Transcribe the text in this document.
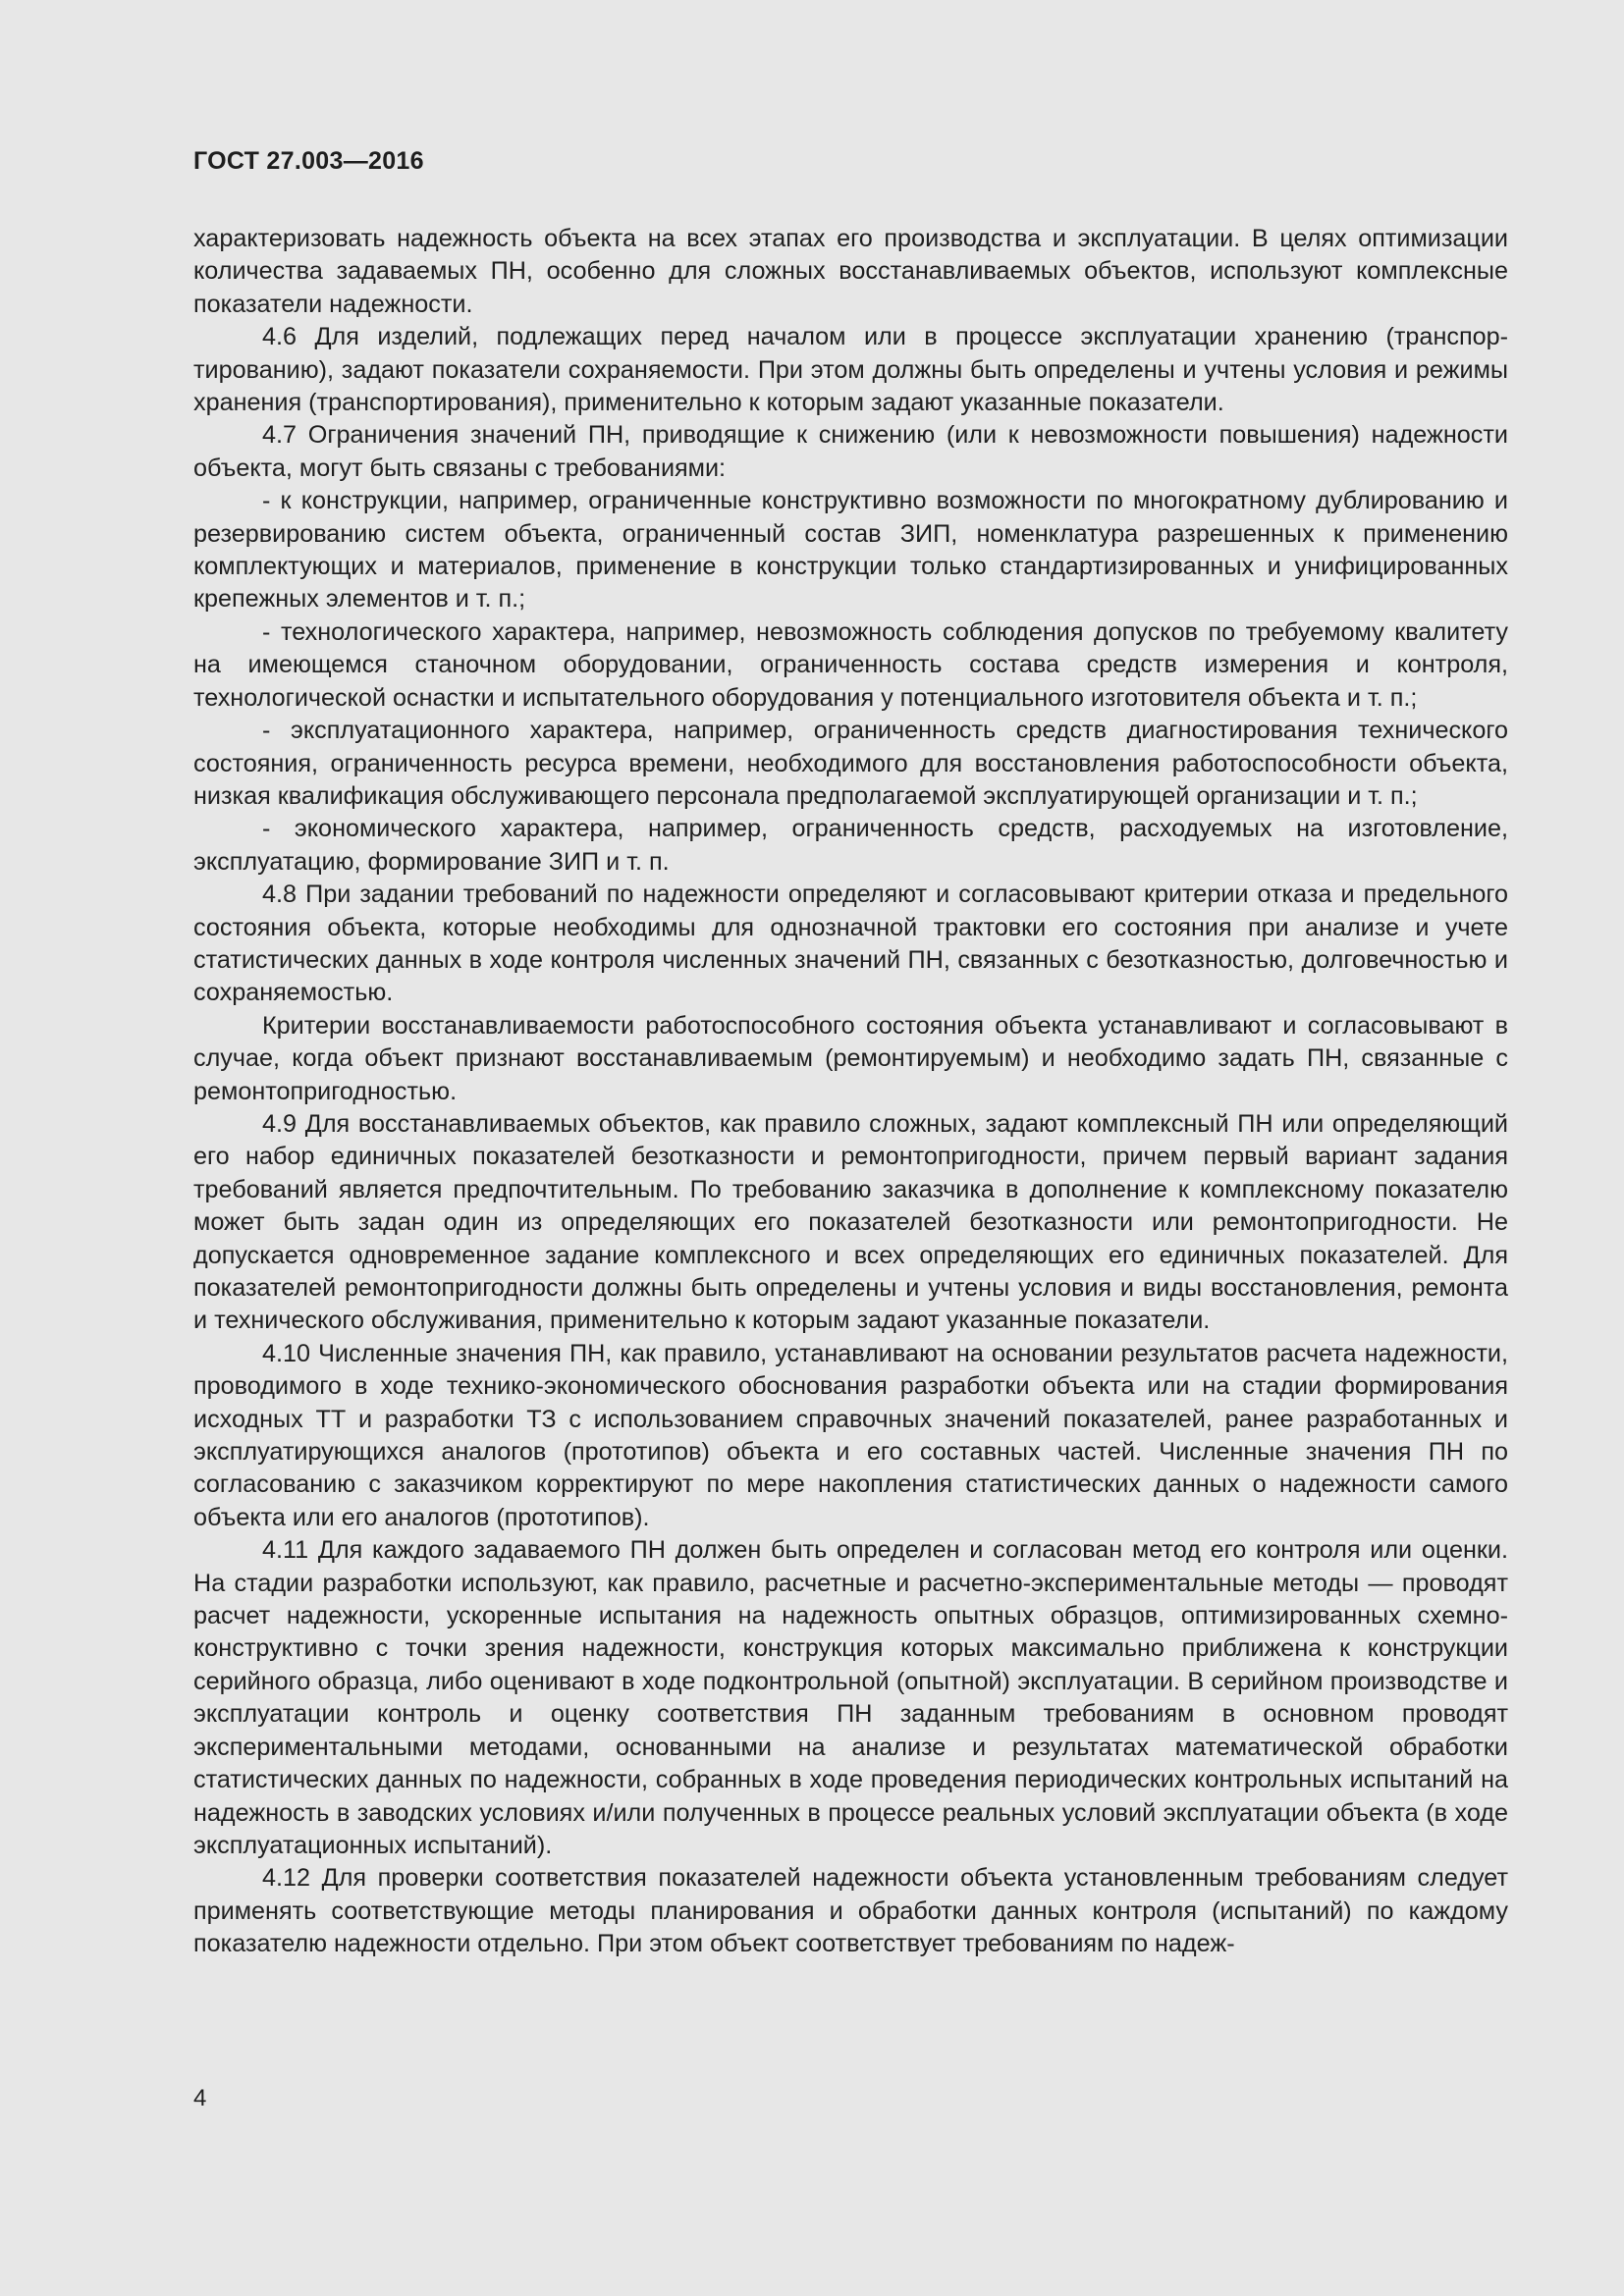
ГОСТ 27.003—2016

характеризовать надежность объекта на всех этапах его производства и эксплуатации. В целях оптимизации количества задаваемых ПН, особенно для сложных восстанавливаемых объектов, используют комплексные показатели надежности.

4.6 Для изделий, подлежащих перед началом или в процессе эксплуатации хранению (транспортированию), задают показатели сохраняемости. При этом должны быть определены и учтены условия и режимы хранения (транспортирования), применительно к которым задают указанные показатели.

4.7 Ограничения значений ПН, приводящие к снижению (или к невозможности повышения) надежности объекта, могут быть связаны с требованиями:

- к конструкции, например, ограниченные конструктивно возможности по многократному дублированию и резервированию систем объекта, ограниченный состав ЗИП, номенклатура разрешенных к применению комплектующих и материалов, применение в конструкции только стандартизированных и унифицированных крепежных элементов и т. п.;

- технологического характера, например, невозможность соблюдения допусков по требуемому квалитету на имеющемся станочном оборудовании, ограниченность состава средств измерения и контроля, технологической оснастки и испытательного оборудования у потенциального изготовителя объекта и т. п.;

- эксплуатационного характера, например, ограниченность средств диагностирования технического состояния, ограниченность ресурса времени, необходимого для восстановления работоспособности объекта, низкая квалификация обслуживающего персонала предполагаемой эксплуатирующей организации и т. п.;

- экономического характера, например, ограниченность средств, расходуемых на изготовление, эксплуатацию, формирование ЗИП и т. п.

4.8 При задании требований по надежности определяют и согласовывают критерии отказа и предельного состояния объекта, которые необходимы для однозначной трактовки его состояния при анализе и учете статистических данных в ходе контроля численных значений ПН, связанных с безотказностью, долговечностью и сохраняемостью.

Критерии восстанавливаемости работоспособного состояния объекта устанавливают и согласовывают в случае, когда объект признают восстанавливаемым (ремонтируемым) и необходимо задать ПН, связанные с ремонтопригодностью.

4.9 Для восстанавливаемых объектов, как правило сложных, задают комплексный ПН или определяющий его набор единичных показателей безотказности и ремонтопригодности, причем первый вариант задания требований является предпочтительным. По требованию заказчика в дополнение к комплексному показателю может быть задан один из определяющих его показателей безотказности или ремонтопригодности. Не допускается одновременное задание комплексного и всех определяющих его единичных показателей. Для показателей ремонтопригодности должны быть определены и учтены условия и виды восстановления, ремонта и технического обслуживания, применительно к которым задают указанные показатели.

4.10 Численные значения ПН, как правило, устанавливают на основании результатов расчета надежности, проводимого в ходе технико-экономического обоснования разработки объекта или на стадии формирования исходных ТТ и разработки ТЗ с использованием справочных значений показателей, ранее разработанных и эксплуатирующихся аналогов (прототипов) объекта и его составных частей. Численные значения ПН по согласованию с заказчиком корректируют по мере накопления статистических данных о надежности самого объекта или его аналогов (прототипов).

4.11 Для каждого задаваемого ПН должен быть определен и согласован метод его контроля или оценки. На стадии разработки используют, как правило, расчетные и расчетно-экспериментальные методы — проводят расчет надежности, ускоренные испытания на надежность опытных образцов, оптимизированных схемно-конструктивно с точки зрения надежности, конструкция которых максимально приближена к конструкции серийного образца, либо оценивают в ходе подконтрольной (опытной) эксплуатации. В серийном производстве и эксплуатации контроль и оценку соответствия ПН заданным требованиям в основном проводят экспериментальными методами, основанными на анализе и результатах математической обработки статистических данных по надежности, собранных в ходе проведения периодических контрольных испытаний на надежность в заводских условиях и/или полученных в процессе реальных условий эксплуатации объекта (в ходе эксплуатационных испытаний).

4.12 Для проверки соответствия показателей надежности объекта установленным требованиям следует применять соответствующие методы планирования и обработки данных контроля (испытаний) по каждому показателю надежности отдельно. При этом объект соответствует требованиям по надеж-

4
